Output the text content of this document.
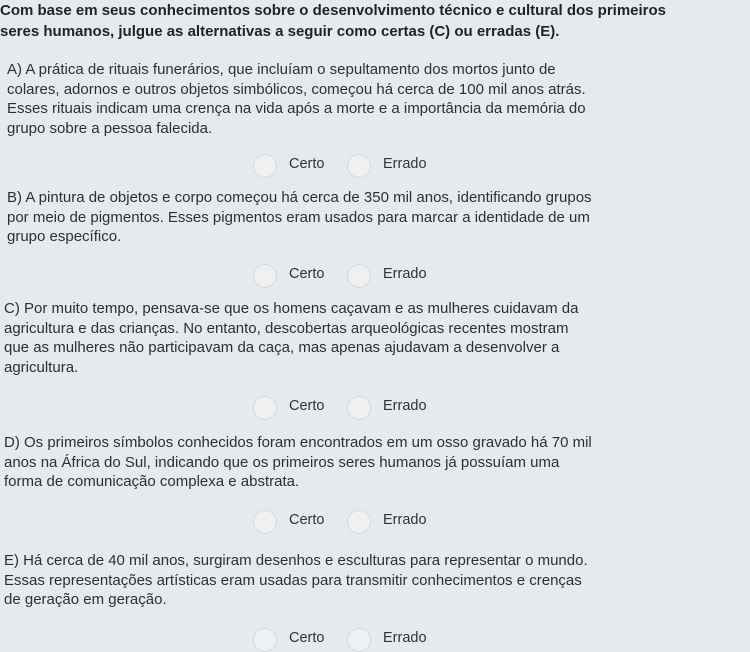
Com base em seus conhecimentos sobre o desenvolvimento técnico e cultural dos primeiros
seres humanos, julgue as alternativas a seguir como certas (C) ou erradas (E).
A) A prática de rituais funerários, que incluíam o sepultamento dos mortos junto de
colares, adornos e outros objetos simbólicos, começou há cerca de 100 mil anos atrás.
Esses rituais indicam uma crença na vida após a morte e a importância da memória do
grupo sobre a pessoa falecida.
Certo	Errado
B) A pintura de objetos e corpo começou há cerca de 350 mil anos, identificando grupos
por meio de pigmentos. Esses pigmentos eram usados para marcar a identidade de um
grupo específico.
Certo	Errado
C) Por muito tempo, pensava-se que os homens caçavam e as mulheres cuidavam da
agricultura e das crianças. No entanto, descobertas arqueológicas recentes mostram
que as mulheres não participavam da caça, mas apenas ajudavam a desenvolver a
agricultura.
Certo	Errado
D) Os primeiros símbolos conhecidos foram encontrados em um osso gravado há 70 mil
anos na África do Sul, indicando que os primeiros seres humanos já possuíam uma
forma de comunicação complexa e abstrata.
Certo	Errado
E) Há cerca de 40 mil anos, surgiram desenhos e esculturas para representar o mundo.
Essas representações artísticas eram usadas para transmitir conhecimentos e crenças
de geração em geração.
Certo	Errado
